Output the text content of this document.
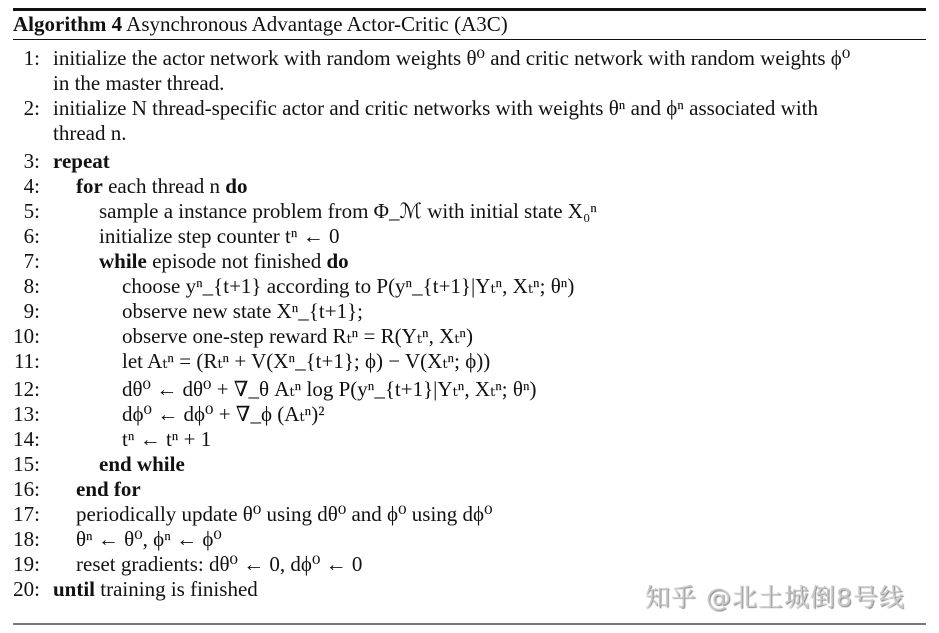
Algorithm 4 Asynchronous Advantage Actor-Critic (A3C)
1: initialize the actor network with random weights θ⁰ and critic network with random weights ϕ⁰
in the master thread.
2: initialize N thread-specific actor and critic networks with weights θⁿ and ϕⁿ associated with
thread n.
3: repeat
4: for each thread n do
5:	sample a instance problem from Φ_ℳ with initial state X₀ⁿ
6:	initialize step counter tⁿ ← 0
7:	while episode not finished do
8:	choose yⁿ_{t+1} according to P(yⁿ_{t+1}|Yₜⁿ, Xₜⁿ; θⁿ)
9:	observe new state Xⁿ_{t+1};
10:	observe one-step reward Rₜⁿ = R(Yₜⁿ, Xₜⁿ)
11:	let Aₜⁿ = (Rₜⁿ + V(Xⁿ_{t+1}; ϕ) − V(Xₜⁿ; ϕ))
12:	dθ⁰ ← dθ⁰ + ∇_θ Aₜⁿ log P(yⁿ_{t+1}|Yₜⁿ, Xₜⁿ; θⁿ)
13:	dϕ⁰ ← dϕ⁰ + ∇_ϕ (Aₜⁿ)²
14:	tⁿ ← tⁿ + 1
15:	end while
16: end for
17: periodically update θ⁰ using dθ⁰ and ϕ⁰ using dϕ⁰
18: θⁿ ← θ⁰, ϕⁿ ← ϕ⁰
19: reset gradients: dθ⁰ ← 0, dϕ⁰ ← 0
20: until training is finished	知乎 @北土城倒8号线
